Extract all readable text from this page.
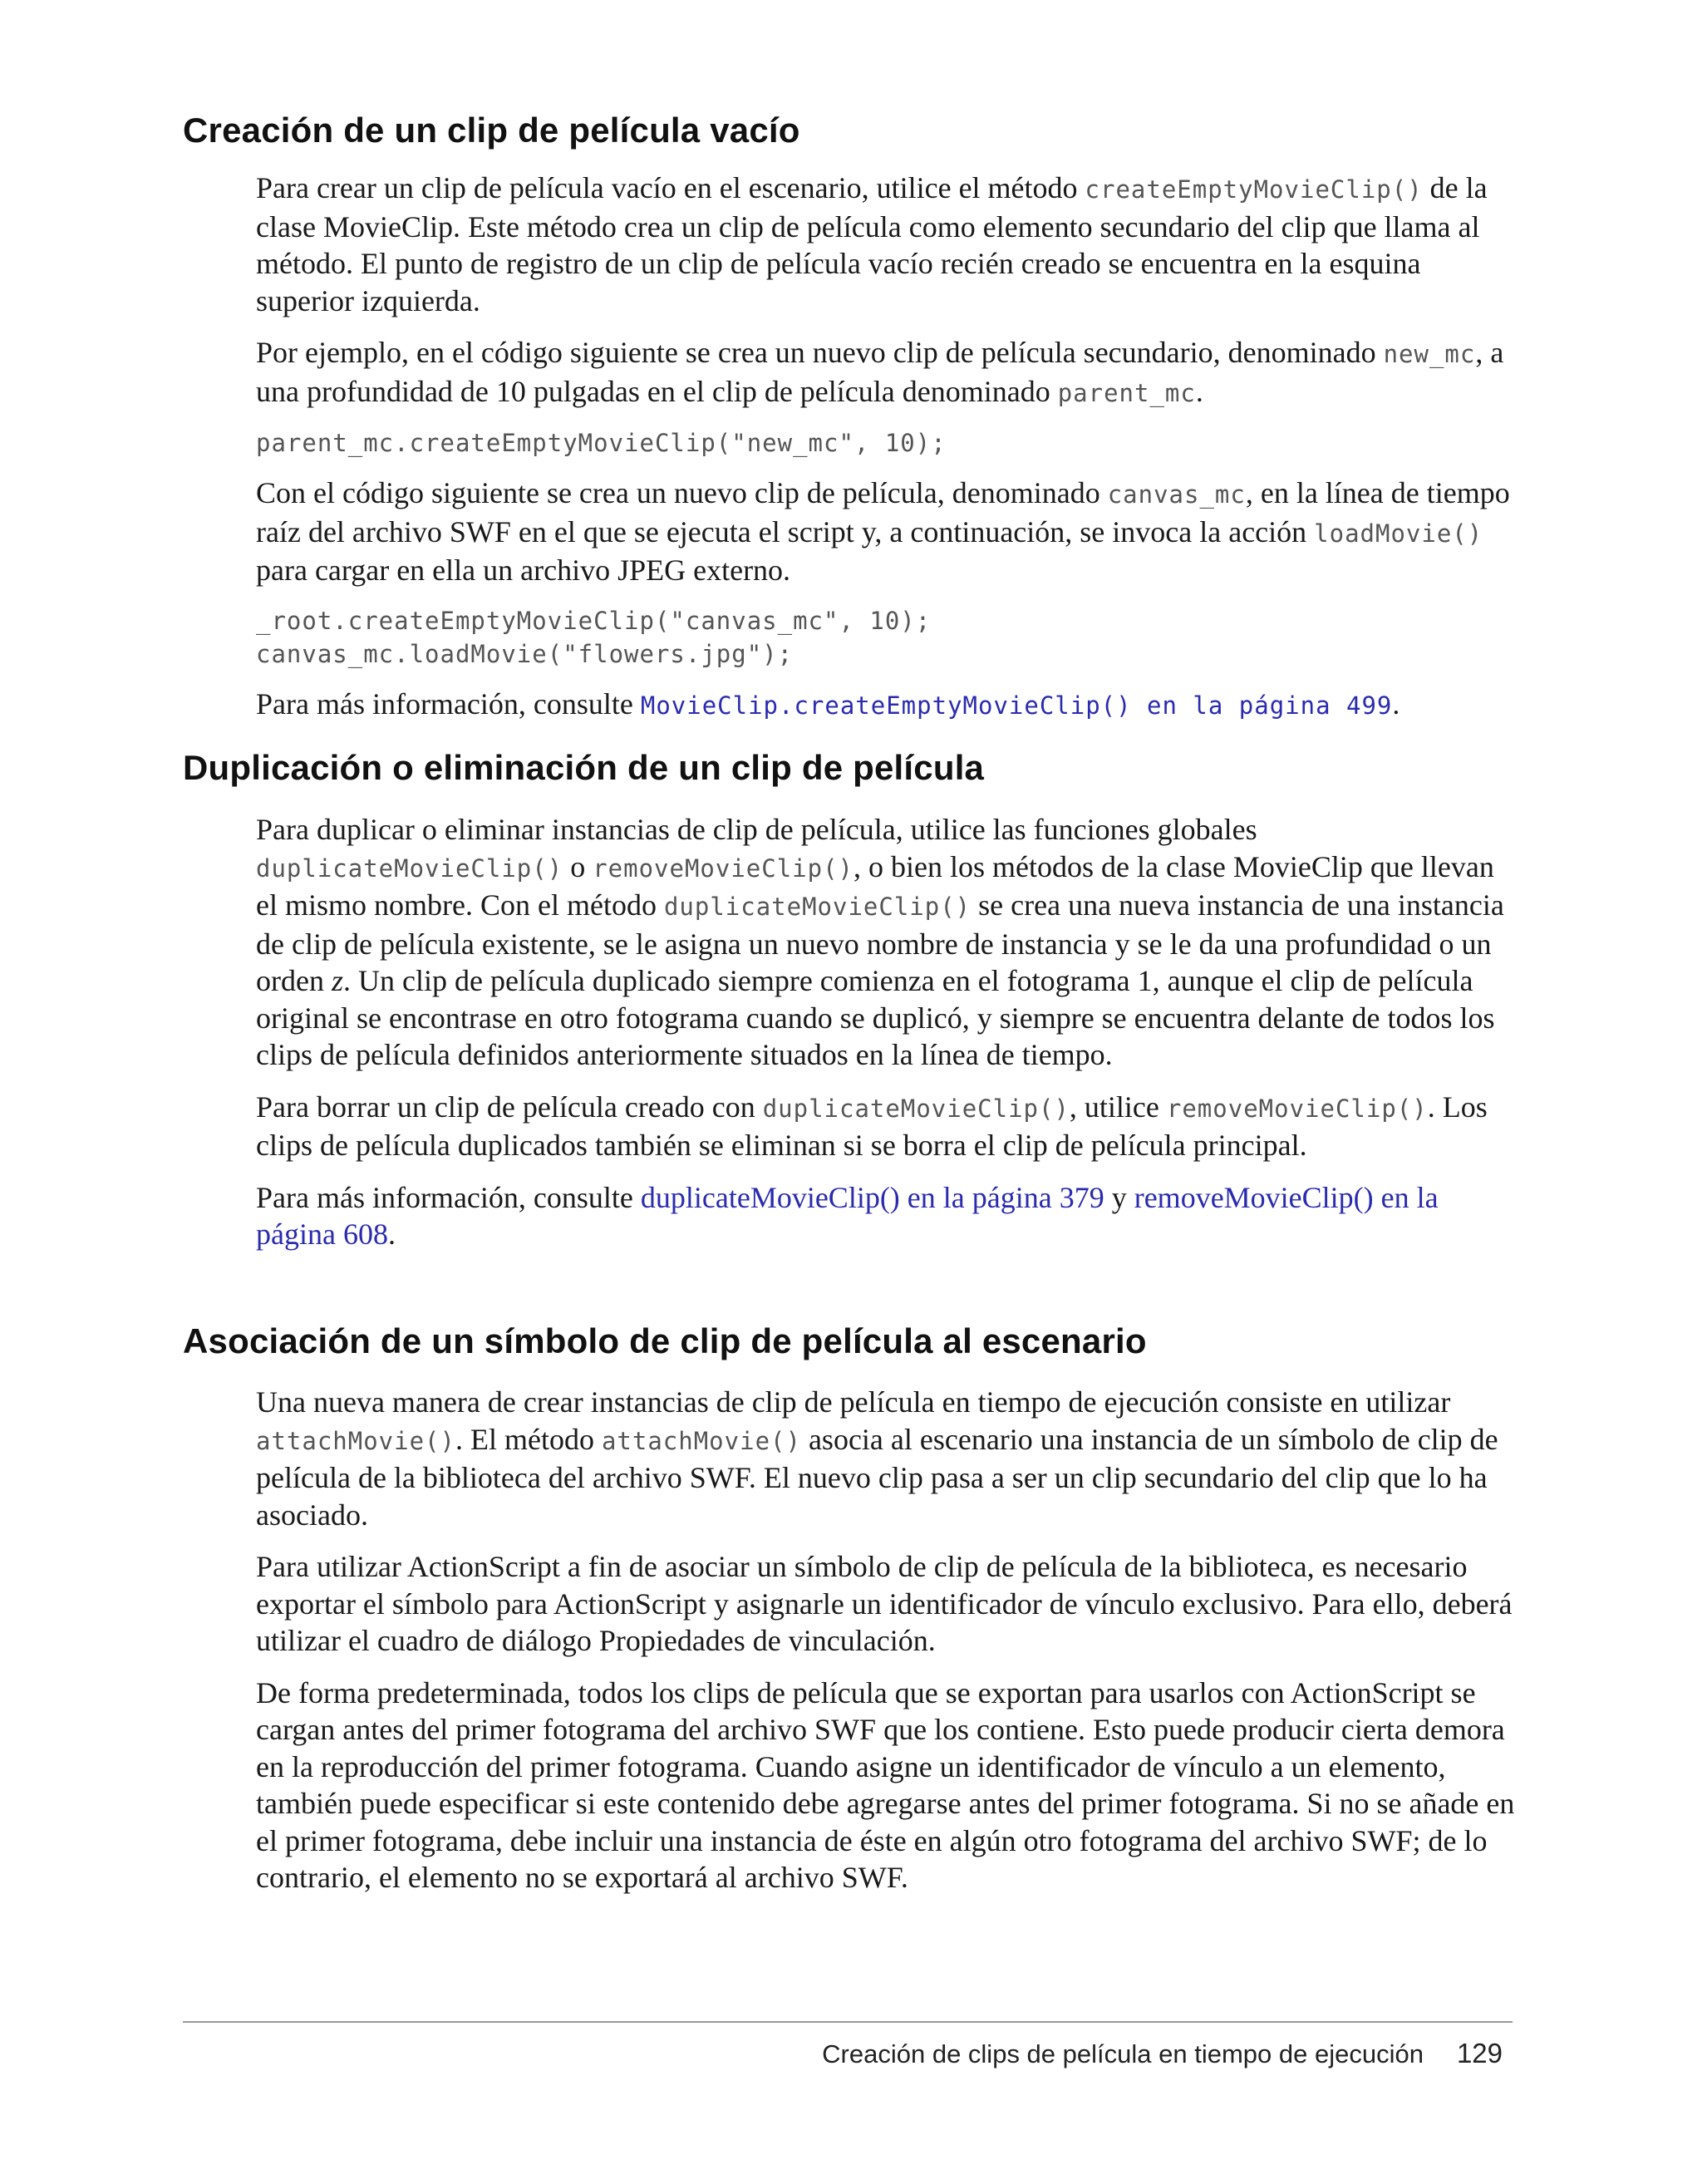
Creación de un clip de película vacío

Para crear un clip de película vacío en el escenario, utilice el método createEmptyMovieClip() de la clase MovieClip. Este método crea un clip de película como elemento secundario del clip que llama al método. El punto de registro de un clip de película vacío recién creado se encuentra en la esquina superior izquierda.

Por ejemplo, en el código siguiente se crea un nuevo clip de película secundario, denominado new_mc, a una profundidad de 10 pulgadas en el clip de película denominado parent_mc.

parent_mc.createEmptyMovieClip("new_mc", 10);

Con el código siguiente se crea un nuevo clip de película, denominado canvas_mc, en la línea de tiempo raíz del archivo SWF en el que se ejecuta el script y, a continuación, se invoca la acción loadMovie() para cargar en ella un archivo JPEG externo.

_root.createEmptyMovieClip("canvas_mc", 10);
canvas_mc.loadMovie("flowers.jpg");

Para más información, consulte MovieClip.createEmptyMovieClip() en la página 499.

Duplicación o eliminación de un clip de película

Para duplicar o eliminar instancias de clip de película, utilice las funciones globales duplicateMovieClip() o removeMovieClip(), o bien los métodos de la clase MovieClip que llevan el mismo nombre. Con el método duplicateMovieClip() se crea una nueva instancia de una instancia de clip de película existente, se le asigna un nuevo nombre de instancia y se le da una profundidad o un orden z. Un clip de película duplicado siempre comienza en el fotograma 1, aunque el clip de película original se encontrase en otro fotograma cuando se duplicó, y siempre se encuentra delante de todos los clips de película definidos anteriormente situados en la línea de tiempo.

Para borrar un clip de película creado con duplicateMovieClip(), utilice removeMovieClip(). Los clips de película duplicados también se eliminan si se borra el clip de película principal.

Para más información, consulte duplicateMovieClip() en la página 379 y removeMovieClip() en la página 608.

Asociación de un símbolo de clip de película al escenario

Una nueva manera de crear instancias de clip de película en tiempo de ejecución consiste en utilizar attachMovie(). El método attachMovie() asocia al escenario una instancia de un símbolo de clip de película de la biblioteca del archivo SWF. El nuevo clip pasa a ser un clip secundario del clip que lo ha asociado.

Para utilizar ActionScript a fin de asociar un símbolo de clip de película de la biblioteca, es necesario exportar el símbolo para ActionScript y asignarle un identificador de vínculo exclusivo. Para ello, deberá utilizar el cuadro de diálogo Propiedades de vinculación.

De forma predeterminada, todos los clips de película que se exportan para usarlos con ActionScript se cargan antes del primer fotograma del archivo SWF que los contiene. Esto puede producir cierta demora en la reproducción del primer fotograma. Cuando asigne un identificador de vínculo a un elemento, también puede especificar si este contenido debe agregarse antes del primer fotograma. Si no se añade en el primer fotograma, debe incluir una instancia de éste en algún otro fotograma del archivo SWF; de lo contrario, el elemento no se exportará al archivo SWF.

Creación de clips de película en tiempo de ejecución 129
